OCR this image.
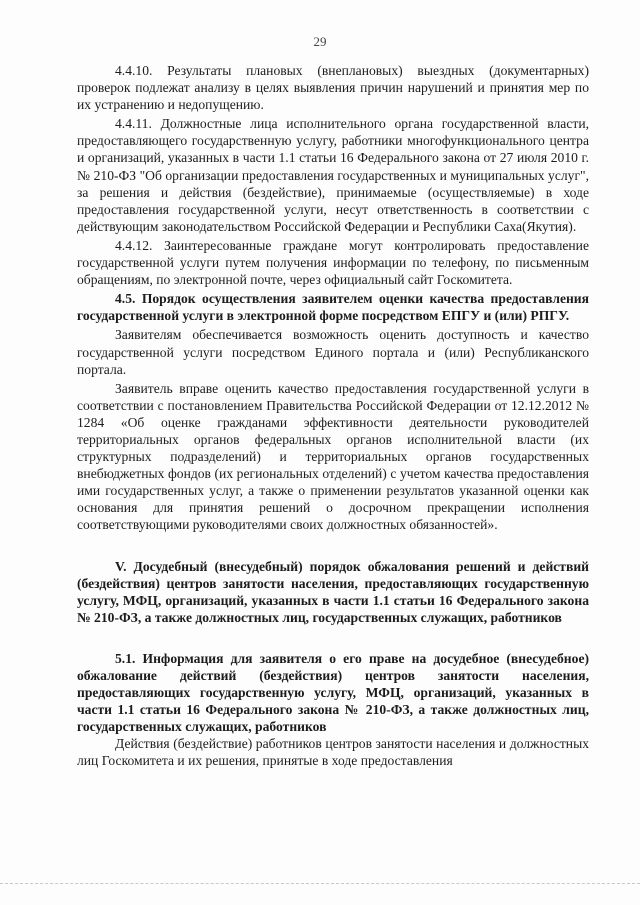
29

4.4.10. Результаты плановых (внеплановых) выездных (документарных) проверок подлежат анализу в целях выявления причин нарушений и принятия мер по их устранению и недопущению.

4.4.11. Должностные лица исполнительного органа государственной власти, предоставляющего государственную услугу, работники многофункционального центра и организаций, указанных в части 1.1 статьи 16 Федерального закона от 27 июля 2010 г. № 210-ФЗ "Об организации предоставления государственных и муниципальных услуг", за решения и действия (бездействие), принимаемые (осуществляемые) в ходе предоставления государственной услуги, несут ответственность в соответствии с действующим законодательством Российской Федерации и Республики Саха(Якутия).

4.4.12. Заинтересованные граждане могут контролировать предоставление государственной услуги путем получения информации по телефону, по письменным обращениям, по электронной почте, через официальный сайт Госкомитета.

4.5. Порядок осуществления заявителем оценки качества предоставления государственной услуги в электронной форме посредством ЕПГУ и (или) РПГУ.

Заявителям обеспечивается возможность оценить доступность и качество государственной услуги посредством Единого портала и (или) Республиканского портала.

Заявитель вправе оценить качество предоставления государственной услуги в соответствии с постановлением Правительства Российской Федерации от 12.12.2012 № 1284 «Об оценке гражданами эффективности деятельности руководителей территориальных органов федеральных органов исполнительной власти (их структурных подразделений) и территориальных органов государственных внебюджетных фондов (их региональных отделений) с учетом качества предоставления ими государственных услуг, а также о применении результатов указанной оценки как основания для принятия решений о досрочном прекращении исполнения соответствующими руководителями своих должностных обязанностей».

V. Досудебный (внесудебный) порядок обжалования решений и действий (бездействия) центров занятости населения, предоставляющих государственную услугу, МФЦ, организаций, указанных в части 1.1 статьи 16 Федерального закона № 210-ФЗ, а также должностных лиц, государственных служащих, работников

5.1. Информация для заявителя о его праве на досудебное (внесудебное) обжалование действий (бездействия) центров занятости населения, предоставляющих государственную услугу, МФЦ, организаций, указанных в части 1.1 статьи 16 Федерального закона № 210-ФЗ, а также должностных лиц, государственных служащих, работников

Действия (бездействие) работников центров занятости населения и должностных лиц Госкомитета и их решения, принятые в ходе предоставления
